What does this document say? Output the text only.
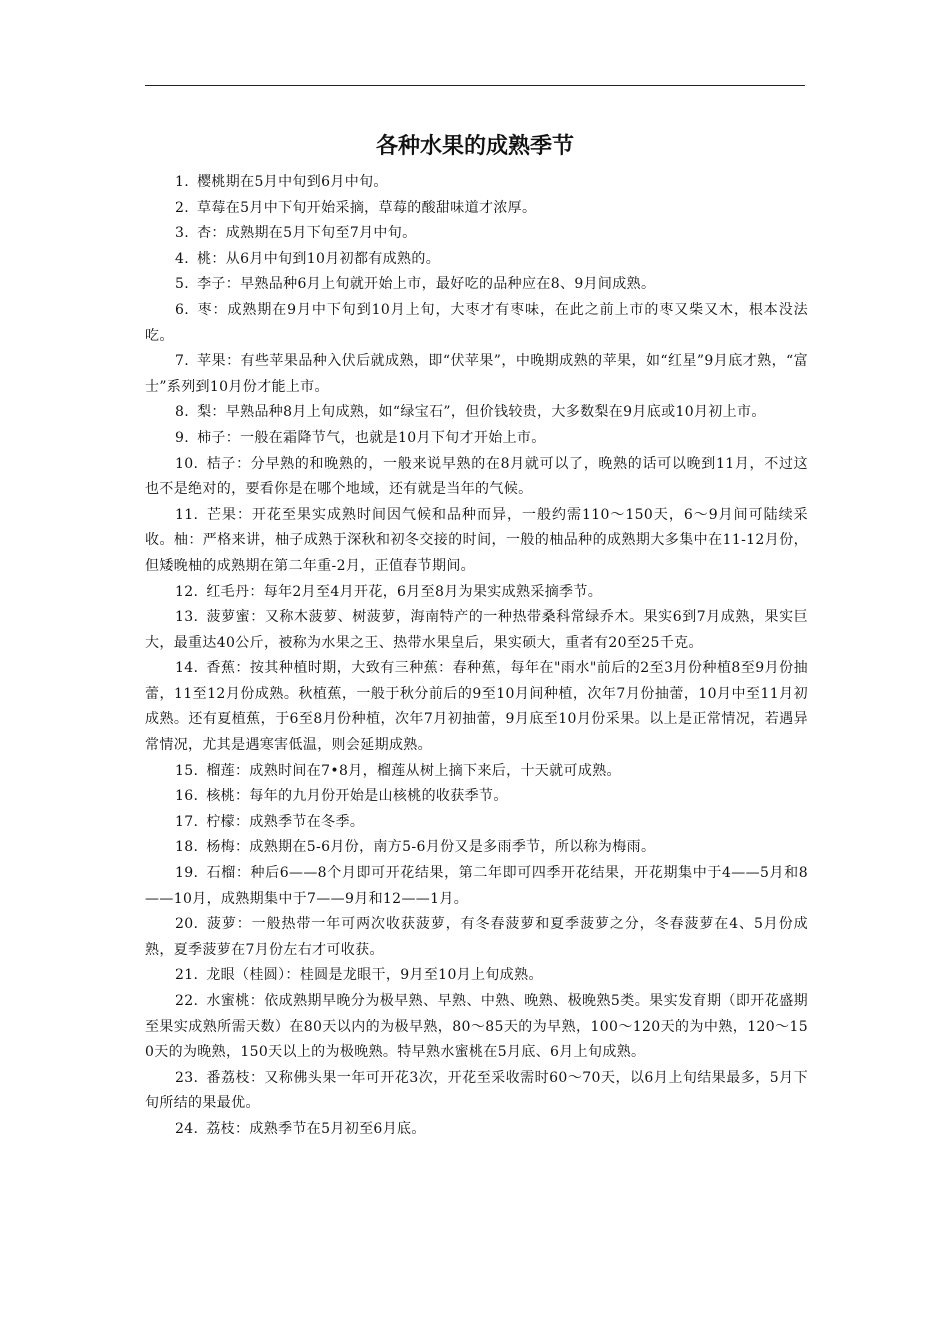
各种水果的成熟季节

1. 樱桃期在5月中旬到6月中旬。

2. 草莓在5月中下旬开始采摘，草莓的酸甜味道才浓厚。

3. 杏：成熟期在5月下旬至7月中旬。

4. 桃：从6月中旬到10月初都有成熟的。

5. 李子：早熟品种6月上旬就开始上市，最好吃的品种应在8、9月间成熟。

6. 枣：成熟期在9月中下旬到10月上旬，大枣才有枣味，在此之前上市的枣又柴又木，根本没法吃。

7. 苹果：有些苹果品种入伏后就成熟，即“伏苹果”，中晚期成熟的苹果，如“红星”9月底才熟，“富士”系列到10月份才能上市。

8. 梨：早熟品种8月上旬成熟，如“绿宝石”，但价钱较贵，大多数梨在9月底或10月初上市。

9. 柿子：一般在霜降节气，也就是10月下旬才开始上市。

10. 桔子：分早熟的和晚熟的，一般来说早熟的在8月就可以了，晚熟的话可以晚到11月，不过这也不是绝对的，要看你是在哪个地域，还有就是当年的气候。

11. 芒果：开花至果实成熟时间因气候和品种而异，一般约需110～150天，6～9月间可陆续采收。柚：严格来讲，柚子成熟于深秋和初冬交接的时间，一般的柚品种的成熟期大多集中在11-12月份，但矮晚柚的成熟期在第二年重-2月，正值春节期间。

12. 红毛丹：每年2月至4月开花，6月至8月为果实成熟采摘季节。

13. 菠萝蜜：又称木菠萝、树菠萝，海南特产的一种热带桑科常绿乔木。果实6到7月成熟，果实巨大，最重达40公斤，被称为水果之王、热带水果皇后，果实硕大，重者有20至25千克。

14. 香蕉：按其种植时期，大致有三种蕉：春种蕉，每年在"雨水"前后的2至3月份种植8至9月份抽蕾，11至12月份成熟。秋植蕉，一般于秋分前后的9至10月间种植，次年7月份抽蕾，10月中至11月初成熟。还有夏植蕉，于6至8月份种植，次年7月初抽蕾，9月底至10月份采果。以上是正常情况，若遇异常情况，尤其是遇寒害低温，则会延期成熟。

15. 榴莲：成熟时间在7•8月，榴莲从树上摘下来后，十天就可成熟。

16. 核桃：每年的九月份开始是山核桃的收获季节。

17. 柠檬：成熟季节在冬季。

18. 杨梅：成熟期在5-6月份，南方5-6月份又是多雨季节，所以称为梅雨。

19. 石榴：种后6——8个月即可开花结果，第二年即可四季开花结果，开花期集中于4——5月和8——10月，成熟期集中于7——9月和12——1月。

20. 菠萝：一般热带一年可两次收获菠萝，有冬春菠萝和夏季菠萝之分，冬春菠萝在4、5月份成熟，夏季菠萝在7月份左右才可收获。

21. 龙眼（桂圆）：桂圆是龙眼干，9月至10月上旬成熟。

22. 水蜜桃：依成熟期早晚分为极早熟、早熟、中熟、晚熟、极晚熟5类。果实发育期（即开花盛期至果实成熟所需天数）在80天以内的为极早熟，80～85天的为早熟，100～120天的为中熟，120～150天的为晚熟，150天以上的为极晚熟。特早熟水蜜桃在5月底、6月上旬成熟。

23. 番荔枝：又称佛头果一年可开花3次，开花至采收需时60～70天，以6月上旬结果最多，5月下旬所结的果最优。

24. 荔枝：成熟季节在5月初至6月底。
